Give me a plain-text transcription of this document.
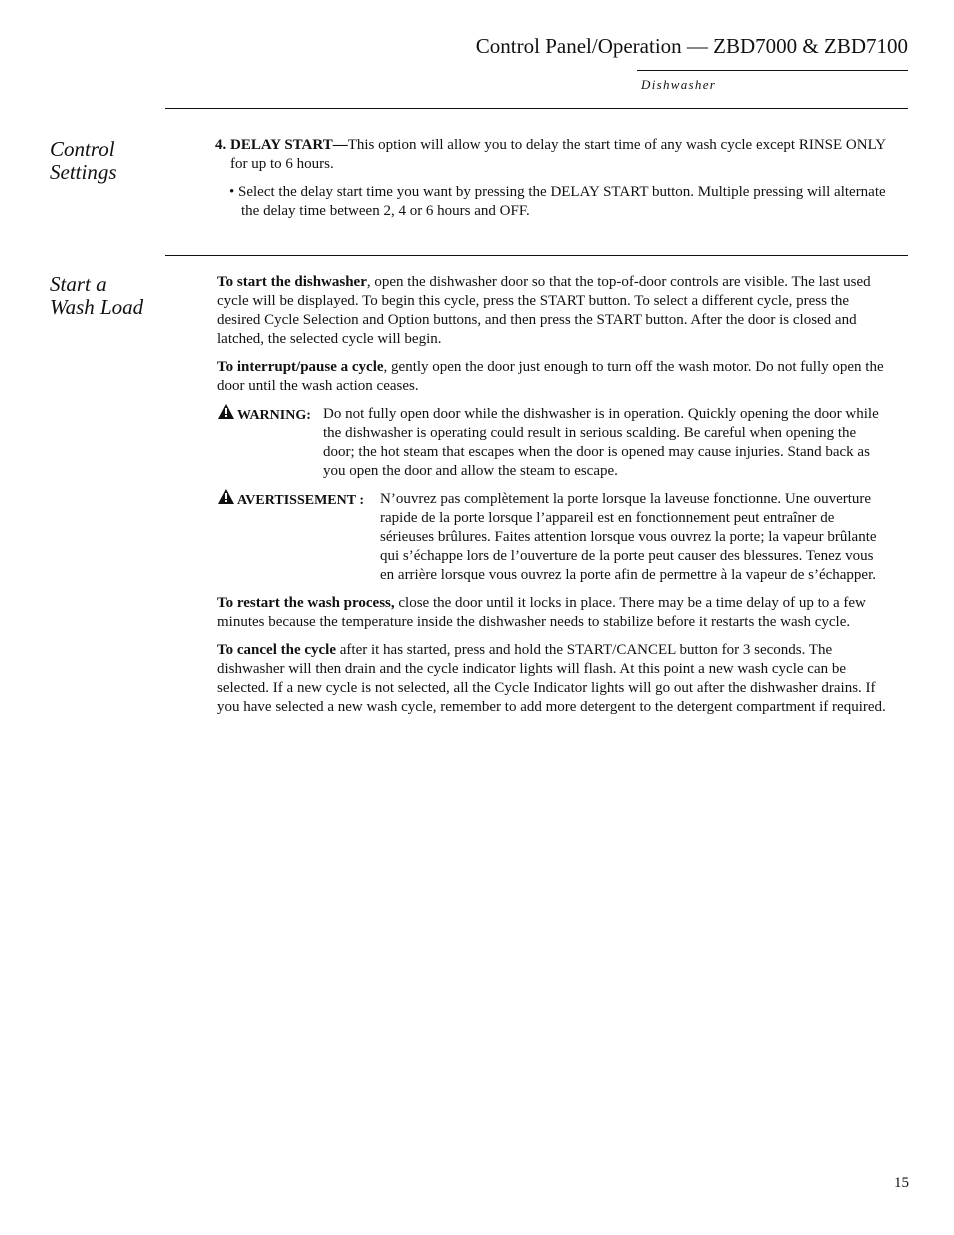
Control Panel/Operation — ZBD7000 & ZBD7100
Dishwasher
Control
Settings

4. DELAY START—This option will allow you to delay the start time of any wash cycle except RINSE ONLY for up to 6 hours.

• Select the delay start time you want by pressing the DELAY START button. Multiple pressing will alternate the delay time between 2, 4 or 6 hours and OFF.

Start a
Wash Load

To start the dishwasher, open the dishwasher door so that the top-of-door controls are visible. The last used cycle will be displayed. To begin this cycle, press the START button. To select a different cycle, press the desired Cycle Selection and Option buttons, and then press the START button. After the door is closed and latched, the selected cycle will begin.

To interrupt/pause a cycle, gently open the door just enough to turn off the wash motor. Do not fully open the door until the wash action ceases.

WARNING: Do not fully open door while the dishwasher is in operation. Quickly opening the door while the dishwasher is operating could result in serious scalding. Be careful when opening the door; the hot steam that escapes when the door is opened may cause injuries. Stand back as you open the door and allow the steam to escape.

AVERTISSEMENT : N’ouvrez pas complètement la porte lorsque la laveuse fonctionne. Une ouverture rapide de la porte lorsque l’appareil est en fonctionnement peut entraîner de sérieuses brûlures. Faites attention lorsque vous ouvrez la porte; la vapeur brûlante qui s’échappe lors de l’ouverture de la porte peut causer des blessures. Tenez vous en arrière lorsque vous ouvrez la porte afin de permettre à la vapeur de s’échapper.

To restart the wash process, close the door until it locks in place. There may be a time delay of up to a few minutes because the temperature inside the dishwasher needs to stabilize before it restarts the wash cycle.

To cancel the cycle after it has started, press and hold the START/CANCEL button for 3 seconds. The dishwasher will then drain and the cycle indicator lights will flash. At this point a new wash cycle can be selected. If a new cycle is not selected, all the Cycle Indicator lights will go out after the dishwasher drains. If you have selected a new wash cycle, remember to add more detergent to the detergent compartment if required.

15
